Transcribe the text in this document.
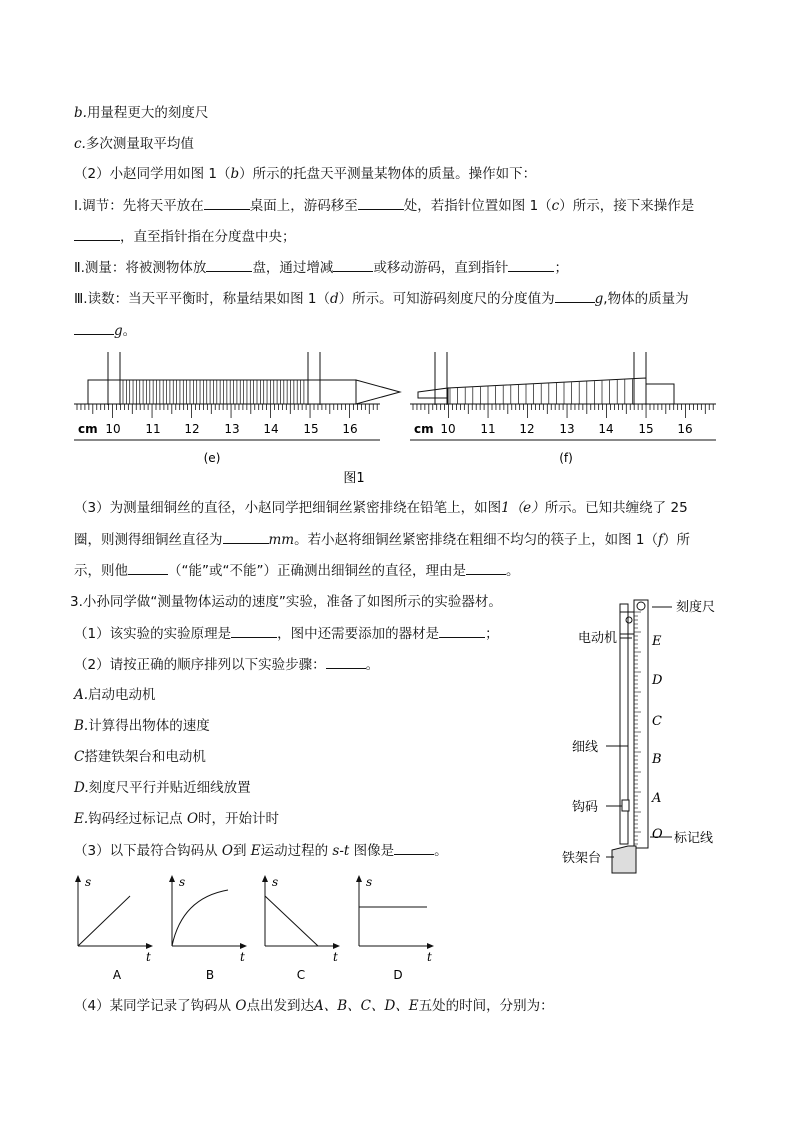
b.用量程更大的刻度尺
c.多次测量取平均值
（2）小赵同学用如图 1（b）所示的托盘天平测量某物体的质量。操作如下：
Ⅰ.调节：先将天平放在	桌面上，游码移至	处，若指针位置如图 1（c）所示，接下来操作是
，直至指针指在分度盘中央；
Ⅱ.测量：将被测物体放	盘，通过增减	或移动游码，直到指针	；
Ⅲ.读数：当天平平衡时，称量结果如图 1（d）所示。可知游码刻度尺的分度值为	g,物体的质量为
g。
cm 10 11 12 13 14 15 16
(e)
cm 10 11 12 13 14 15 16
(f)
图1
（3）为测量细铜丝的直径，小赵同学把细铜丝紧密排绕在铅笔上，如图1（e）所示。已知共缠绕了 25
圈，则测得细铜丝直径为	mm。若小赵将细铜丝紧密排绕在粗细不均匀的筷子上，如图 1（f）所
示，则他	（“能”或“不能”）正确测出细铜丝的直径，理由是	。
3.小孙同学做“测量物体运动的速度”实验，准备了如图所示的实验器材。
（1）该实验的实验原理是	，图中还需要添加的器材是	；
（2）请按正确的顺序排列以下实验步骤：	。
A.启动电动机
B.计算得出物体的速度
C搭建铁架台和电动机
D.刻度尺平行并贴近细线放置
E.钩码经过标记点 O时，开始计时
（3）以下最符合钩码从 O到 E运动过程的 s-t 图像是	。
s
t
A
s
t
B
s
t
C
s
t
D
（4）某同学记录了钩码从 O点出发到达A、B、C、D、E五处的时间，分别为：
刻度尺
电动机
细线
钩码
铁架台
标记线
E
D
C
B
A
O
